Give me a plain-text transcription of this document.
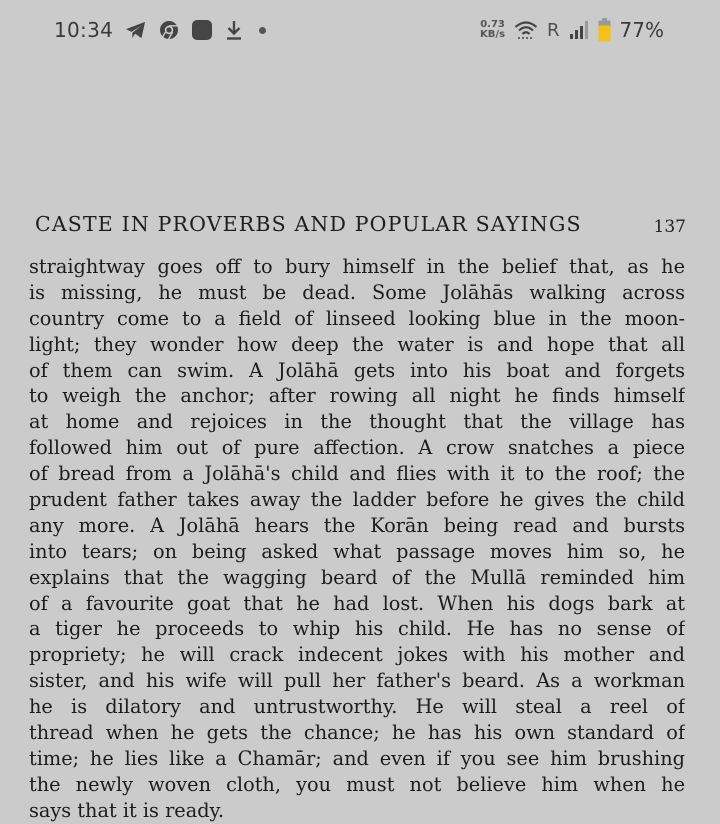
10:34	0.73
KB/s R	77%
CASTE IN PROVERBS AND POPULAR SAYINGS	137
straightway goes off to bury himself in the belief that, as he
is missing, he must be dead. Some Jolāhās walking across
country come to a field of linseed looking blue in the moon-
light; they wonder how deep the water is and hope that all
of them can swim. A Jolāhā gets into his boat and forgets
to weigh the anchor; after rowing all night he finds himself
at home and rejoices in the thought that the village has
followed him out of pure affection. A crow snatches a piece
of bread from a Jolāhā's child and flies with it to the roof; the
prudent father takes away the ladder before he gives the child
any more. A Jolāhā hears the Korān being read and bursts
into tears; on being asked what passage moves him so, he
explains that the wagging beard of the Mullā reminded him
of a favourite goat that he had lost. When his dogs bark at
a tiger he proceeds to whip his child. He has no sense of
propriety; he will crack indecent jokes with his mother and
sister, and his wife will pull her father's beard. As a workman
he is dilatory and untrustworthy. He will steal a reel of
thread when he gets the chance; he has his own standard of
time; he lies like a Chamār; and even if you see him brushing
the newly woven cloth, you must not believe him when he
says that it is ready.
